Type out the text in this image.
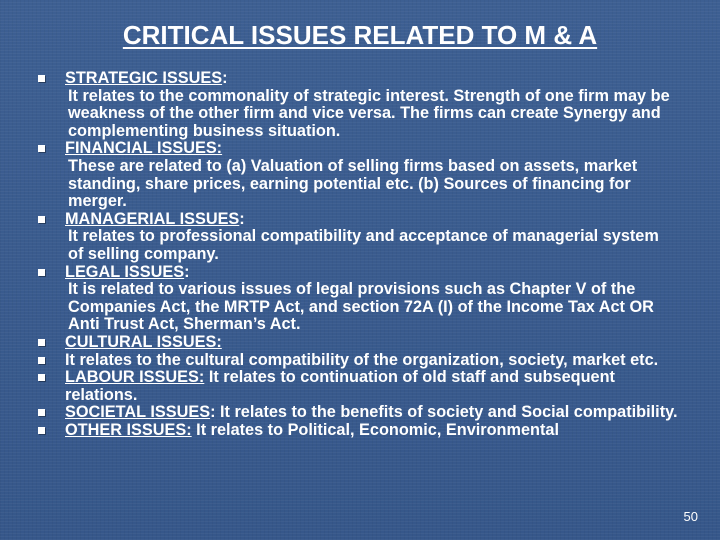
CRITICAL ISSUES RELATED TO M & A
STRATEGIC ISSUES:
It relates to the commonality of strategic interest. Strength of one firm may be weakness of the other firm and vice versa. The firms can create Synergy and complementing business situation.
FINANCIAL ISSUES:
These are related to (a) Valuation of selling firms based on assets, market standing, share prices, earning potential etc. (b) Sources of financing for merger.
MANAGERIAL ISSUES:
It relates to professional compatibility and acceptance of managerial system of selling company.
LEGAL ISSUES:
It is related to various issues of legal provisions such as Chapter V of the Companies Act, the MRTP Act, and section 72A (I) of the Income Tax Act OR Anti Trust Act, Sherman’s Act.
CULTURAL ISSUES:
It relates to the cultural compatibility of the organization, society, market etc.
LABOUR ISSUES: It relates to continuation of old staff and subsequent relations.
SOCIETAL ISSUES: It relates to the benefits of society and Social compatibility.
OTHER ISSUES: It relates to Political, Economic, Environmental
50
